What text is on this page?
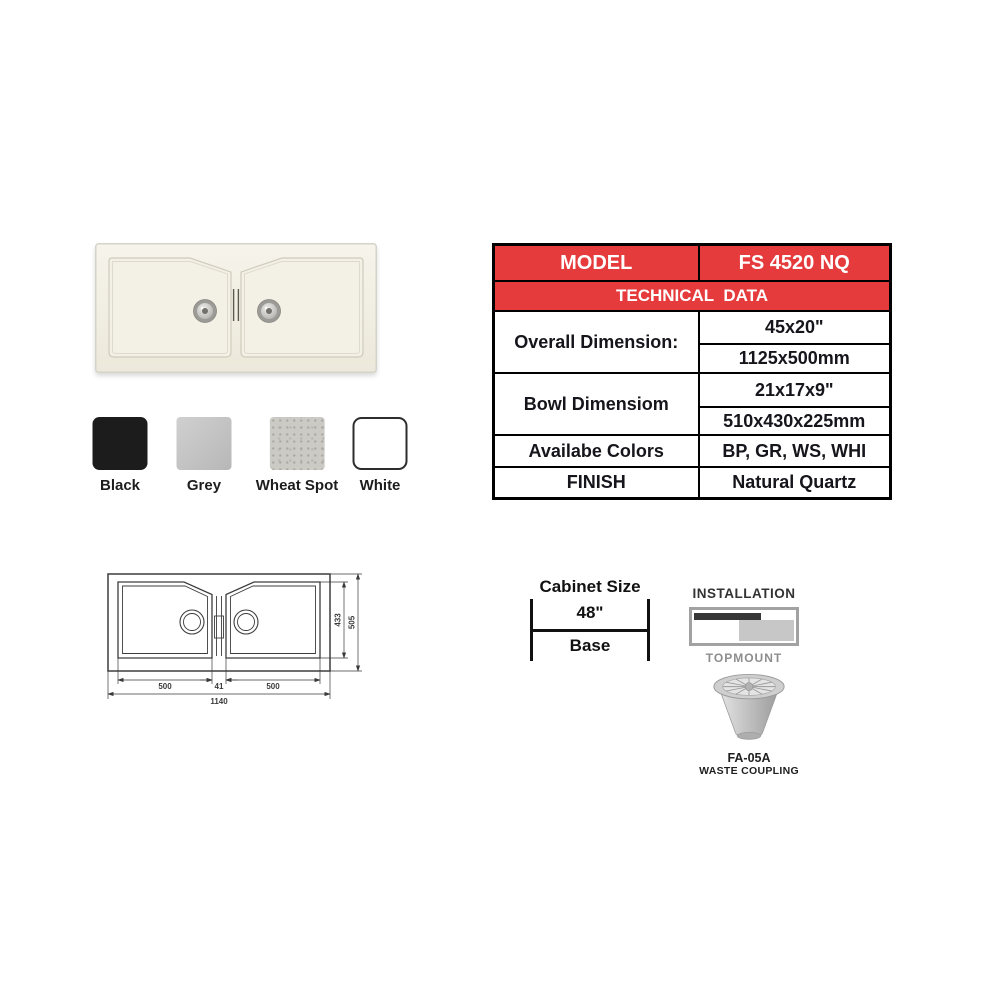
Black	Grey	Wheat Spot	White
MODEL	FS 4520 NQ
TECHNICAL  DATA	
Overall Dimension:	45x20"
	1125x500mm
Bowl Dimensiom	21x17x9"
	510x430x225mm
Availabe Colors	BP, GR, WS, WHI
FINISH	Natural Quartz
500	41	500
1140
433 505
Cabinet Size
48"
Base
INSTALLATION
TOPMOUNT
FA-05A
WASTE COUPLING
